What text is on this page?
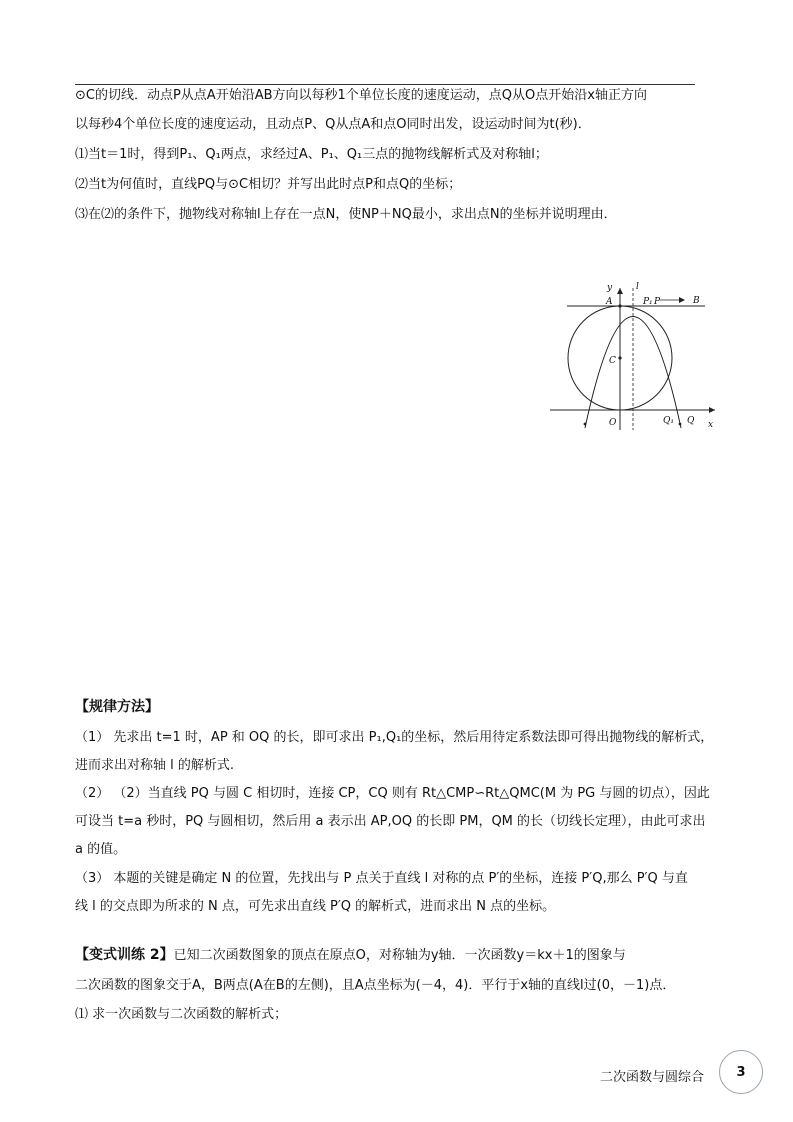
⊙C的切线．动点P从点A开始沿AB方向以每秒1个单位长度的速度运动，点Q从O点开始沿x轴正方向
以每秒4个单位长度的速度运动，且动点P、Q从点A和点O同时出发，设运动时间为t(秒)．
⑴当t＝1时，得到P₁、Q₁两点，求经过A、P₁、Q₁三点的抛物线解析式及对称轴l；
⑵当t为何值时，直线PQ与⊙C相切？并写出此时点P和点Q的坐标；
⑶在⑵的条件下，抛物线对称轴l上存在一点N，使NP＋NQ最小，求出点N的坐标并说明理由．
y	l
A	P₁ P	B
C
O	Q₁ Q x
【规律方法】
（1） 先求出 t=1 时，AP 和 OQ 的长，即可求出 P₁,Q₁的坐标，然后用待定系数法即可得出抛物线的解析式，
进而求出对称轴 l 的解析式.
（2） （2）当直线 PQ 与圆 C 相切时，连接 CP，CQ 则有 Rt△CMP∽Rt△QMC(M 为 PG 与圆的切点），因此
可设当 t=a 秒时，PQ 与圆相切，然后用 a 表示出 AP,OQ 的长即 PM，QM 的长（切线长定理），由此可求出
a 的值。
（3） 本题的关键是确定 N 的位置，先找出与 P 点关于直线 l 对称的点 P′的坐标，连接 P′Q,那么 P′Q 与直
线 l 的交点即为所求的 N 点，可先求出直线 P′Q 的解析式，进而求出 N 点的坐标。
【变式训练 2】已知二次函数图象的顶点在原点O，对称轴为y轴．一次函数y＝kx＋1的图象与
二次函数的图象交于A，B两点(A在B的左侧)，且A点坐标为(－4，4)．平行于x轴的直线l过(0，－1)点．
⑴ 求一次函数与二次函数的解析式；
二次函数与圆综合 3
